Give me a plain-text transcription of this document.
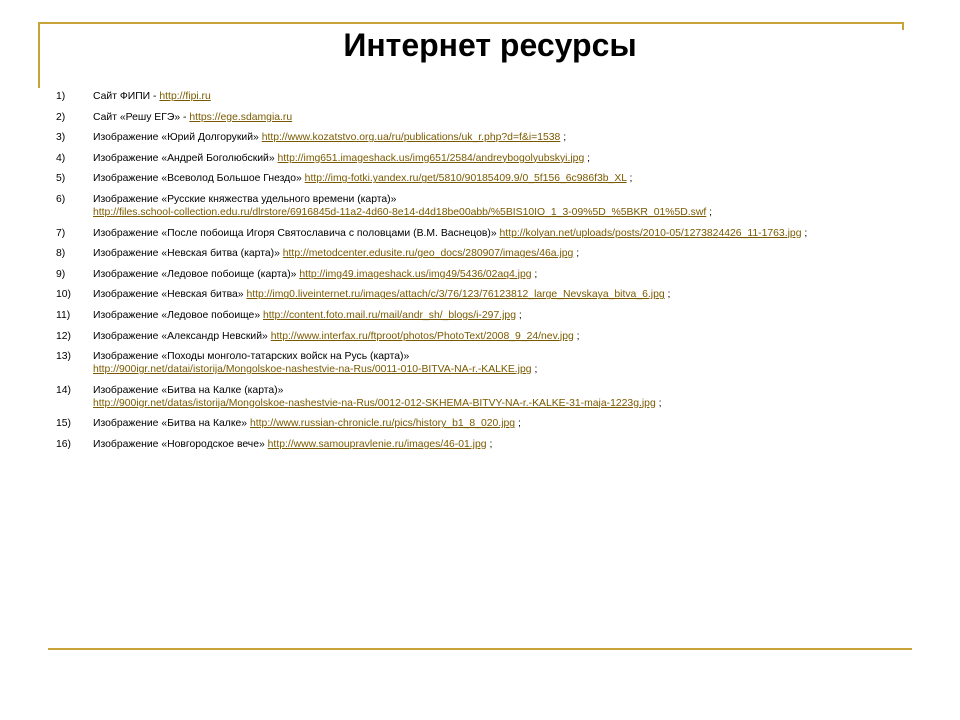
Интернет ресурсы
1)	Сайт ФИПИ - http://fipi.ru
2)	Сайт «Решу ЕГЭ» - https://ege.sdamgia.ru
3)	Изображение «Юрий Долгорукий» http://www.kozatstvo.org.ua/ru/publications/uk_r.php?d=f&i=1538 ;
4)	Изображение «Андрей Боголюбский» http://img651.imageshack.us/img651/2584/andreybogolyubskyi.jpg ;
5)	Изображение «Всеволод Большое Гнездо» http://img-fotki.yandex.ru/get/5810/90185409.9/0_5f156_6c986f3b_XL ;
6)	Изображение «Русские княжества удельного времени (карта)»
http://files.school-collection.edu.ru/dlrstore/6916845d-11a2-4d60-8e14-d4d18be00abb/%5BIS10IO_1_3-09%5D_%5BKR_01%5D.swf ;
7)	Изображение «После побоища Игоря Святославича с половцами (В.М. Васнецов)» http://kolyan.net/uploads/posts/2010-05/1273824426_11-1763.jpg ;
8)	Изображение «Невская битва (карта)» http://metodcenter.edusite.ru/geo_docs/280907/images/46a.jpg ;
9)	Изображение «Ледовое побоище (карта)» http://img49.imageshack.us/img49/5436/02aq4.jpg ;
10)	Изображение «Невская битва» http://img0.liveinternet.ru/images/attach/c/3/76/123/76123812_large_Nevskaya_bitva_6.jpg ;
11)	Изображение «Ледовое побоище» http://content.foto.mail.ru/mail/andr_sh/_blogs/i-297.jpg ;
12)	Изображение «Александр Невский» http://www.interfax.ru/ftproot/photos/PhotoText/2008_9_24/nev.jpg ;
13)	Изображение «Походы монголо-татарских войск на Русь (карта)»
http://900igr.net/datai/istorija/Mongolskoe-nashestvie-na-Rus/0011-010-BITVA-NA-r.-KALKE.jpg ;
14)	Изображение «Битва на Калке (карта)»
http://900igr.net/datas/istorija/Mongolskoe-nashestvie-na-Rus/0012-012-SKHEMA-BITVY-NA-r.-KALKE-31-maja-1223g.jpg ;
15)	Изображение «Битва на Калке» http://www.russian-chronicle.ru/pics/history_b1_8_020.jpg ;
16)	Изображение «Новгородское вече» http://www.samoupravlenie.ru/images/46-01.jpg ;
